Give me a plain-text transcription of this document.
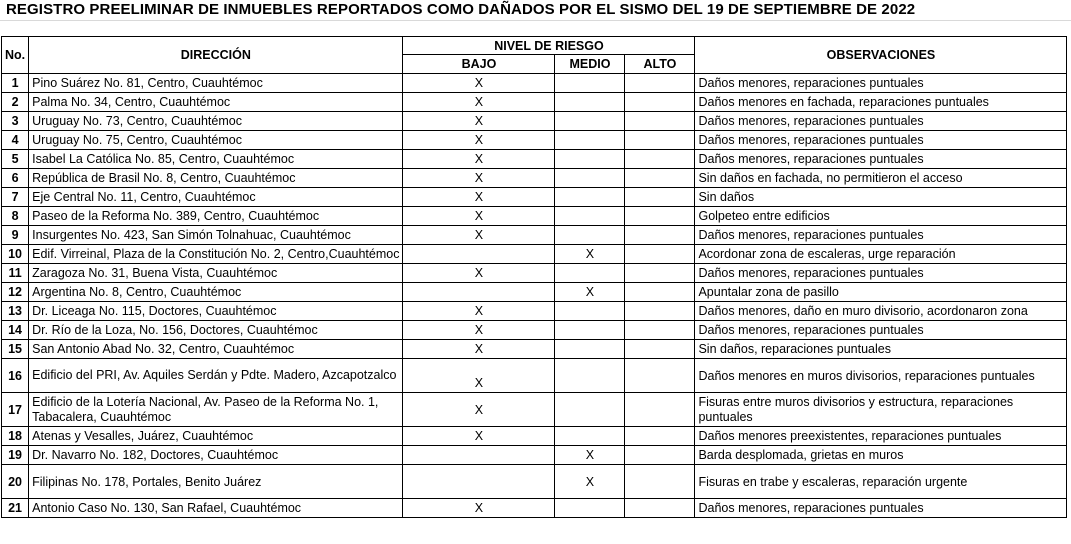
REGISTRO PREELIMINAR DE INMUEBLES REPORTADOS COMO DAÑADOS POR EL SISMO DEL 19 DE SEPTIEMBRE DE 2022
No.	DIRECCIÓN	NIVEL DE RIESGO			OBSERVACIONES
		BAJO	MEDIO	ALTO	
1	Pino Suárez No. 81, Centro, Cuauhtémoc	X			Daños menores, reparaciones puntuales
2	Palma No. 34, Centro, Cuauhtémoc	X			Daños menores en fachada, reparaciones puntuales
3	Uruguay No. 73, Centro, Cuauhtémoc	X			Daños menores, reparaciones puntuales
4	Uruguay No. 75, Centro, Cuauhtémoc	X			Daños menores, reparaciones puntuales
5	Isabel La Católica No. 85, Centro, Cuauhtémoc	X			Daños menores, reparaciones puntuales
6	República de Brasil No. 8, Centro, Cuauhtémoc	X			Sin daños en fachada, no permitieron el acceso
7	Eje Central No. 11, Centro, Cuauhtémoc	X			Sin daños
8	Paseo de la Reforma No. 389, Centro, Cuauhtémoc	X			Golpeteo entre edificios
9	Insurgentes No. 423, San Simón Tolnahuac, Cuauhtémoc	X			Daños menores, reparaciones puntuales
10	Edif. Virreinal, Plaza de la Constitución No. 2, Centro,Cuauhtémoc		X		Acordonar zona de escaleras, urge reparación
11	Zaragoza No. 31, Buena Vista, Cuauhtémoc	X			Daños menores, reparaciones puntuales
12	Argentina No. 8, Centro, Cuauhtémoc		X		Apuntalar zona de pasillo
13	Dr. Liceaga No. 115, Doctores, Cuauhtémoc	X			Daños menores, daño en muro divisorio, acordonaron zona
14	Dr. Río de la Loza, No. 156, Doctores, Cuauhtémoc	X			Daños menores, reparaciones puntuales
15	San Antonio Abad No. 32, Centro, Cuauhtémoc	X			Sin daños, reparaciones puntuales
16	Edificio del PRI, Av. Aquiles Serdán y Pdte. Madero, Azcapotzalco	X			Daños menores en muros divisorios, reparaciones puntuales
17	Edificio de la Lotería Nacional, Av. Paseo de la Reforma No. 1, Tabacalera, Cuauhtémoc	X			Fisuras entre muros divisorios y estructura, reparaciones puntuales
18	Atenas y Vesalles, Juárez, Cuauhtémoc	X			Daños menores preexistentes, reparaciones puntuales
19	Dr. Navarro No. 182, Doctores, Cuauhtémoc		X		Barda desplomada, grietas en muros
20	Filipinas No. 178, Portales, Benito Juárez		X		Fisuras en trabe y escaleras, reparación urgente
21	Antonio Caso No. 130, San Rafael, Cuauhtémoc	X			Daños menores, reparaciones puntuales
